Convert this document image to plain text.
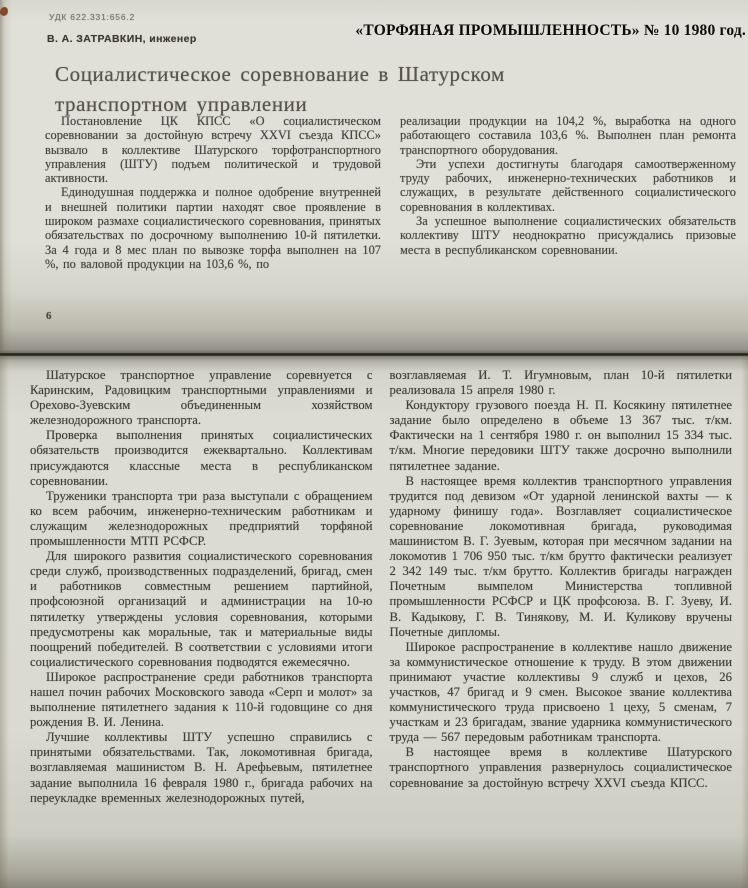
УДК 622.331:656.2
В. А. ЗАТРАВКИН, инженер	«ТОРФЯНАЯ ПРОМЫШЛЕННОСТЬ» № 10 1980 год.
Социалистическое соревнование в Шатурском
транспортном управлении

Постановление ЦК КПСС «О социалистическом соревновании за достойную встречу XXVI съезда КПСС» вызвало в коллективе Шатурского торфотранспортного управления (ШТУ) подъем политической и трудовой активности.

Единодушная поддержка и полное одобрение внутренней и внешней политики партии находят свое проявление в широком размахе социалистического соревнования, принятых обязательствах по досрочному выполнению 10-й пятилетки. За 4 года и 8 мес план по вывозке торфа выполнен на 107 %, по валовой продукции на 103,6 %, по

реализации продукции на 104,2 %, выработка на одного работающего составила 103,6 %. Выполнен план ремонта транспортного оборудования.

Эти успехи достигнуты благодаря самоотверженному труду рабочих, инженерно-технических работников и служащих, в результате действенного социалистического соревнования в коллективах.

За успешное выполнение социалистических обязательств коллективу ШТУ неоднократно присуждались призовые места в республиканском соревновании.

6

Шатурское транспортное управление соревнуется с Каринским, Радовицким транспортными управлениями и Орехово-Зуевским объединенным хозяйством железнодорожного транспорта.

Проверка выполнения принятых социалистических обязательств производится ежеквартально. Коллективам присуждаются классные места в республиканском соревновании.

Труженики транспорта три раза выступали с обращением ко всем рабочим, инженерно-техническим работникам и служащим железнодорожных предприятий торфяной промышленности МТП РСФСР.

Для широкого развития социалистического соревнования среди служб, производственных подразделений, бригад, смен и работников совместным решением партийной, профсоюзной организаций и администрации на 10-ю пятилетку утверждены условия соревнования, которыми предусмотрены как моральные, так и материальные виды поощрений победителей. В соответствии с условиями итоги социалистического соревнования подводятся ежемесячно.

Широкое распространение среди работников транспорта нашел почин рабочих Московского завода «Серп и молот» за выполнение пятилетнего задания к 110-й годовщине со дня рождения В. И. Ленина.

Лучшие коллективы ШТУ успешно справились с принятыми обязательствами. Так, локомотивная бригада, возглавляемая машинистом В. Н. Арефьевым, пятилетнее задание выполнила 16 февраля 1980 г., бригада рабочих на переукладке временных железнодорожных путей,

возглавляемая И. Т. Игумновым, план 10-й пятилетки реализовала 15 апреля 1980 г.

Кондуктору грузового поезда Н. П. Косякину пятилетнее задание было определено в объеме 13 367 тыс. т/км. Фактически на 1 сентября 1980 г. он выполнил 15 334 тыс. т/км. Многие передовики ШТУ также досрочно выполнили пятилетнее задание.

В настоящее время коллектив транспортного управления трудится под девизом «От ударной ленинской вахты — к ударному финишу года». Возглавляет социалистическое соревнование локомотивная бригада, руководимая машинистом В. Г. Зуевым, которая при месячном задании на локомотив 1 706 950 тыс. т/км брутто фактически реализует 2 342 149 тыс. т/км брутто. Коллектив бригады награжден Почетным вымпелом Министерства топливной промышленности РСФСР и ЦК профсоюза. В. Г. Зуеву, И. В. Кадыкову, Г. В. Тинякову, М. И. Куликову вручены Почетные дипломы.

Широкое распространение в коллективе нашло движение за коммунистическое отношение к труду. В этом движении принимают участие коллективы 9 служб и цехов, 26 участков, 47 бригад и 9 смен. Высокое звание коллектива коммунистического труда присвоено 1 цеху, 5 сменам, 7 участкам и 23 бригадам, звание ударника коммунистического труда — 567 передовым работникам транспорта.

В настоящее время в коллективе Шатурского транспортного управления развернулось социалистическое соревнование за достойную встречу XXVI съезда КПСС.
